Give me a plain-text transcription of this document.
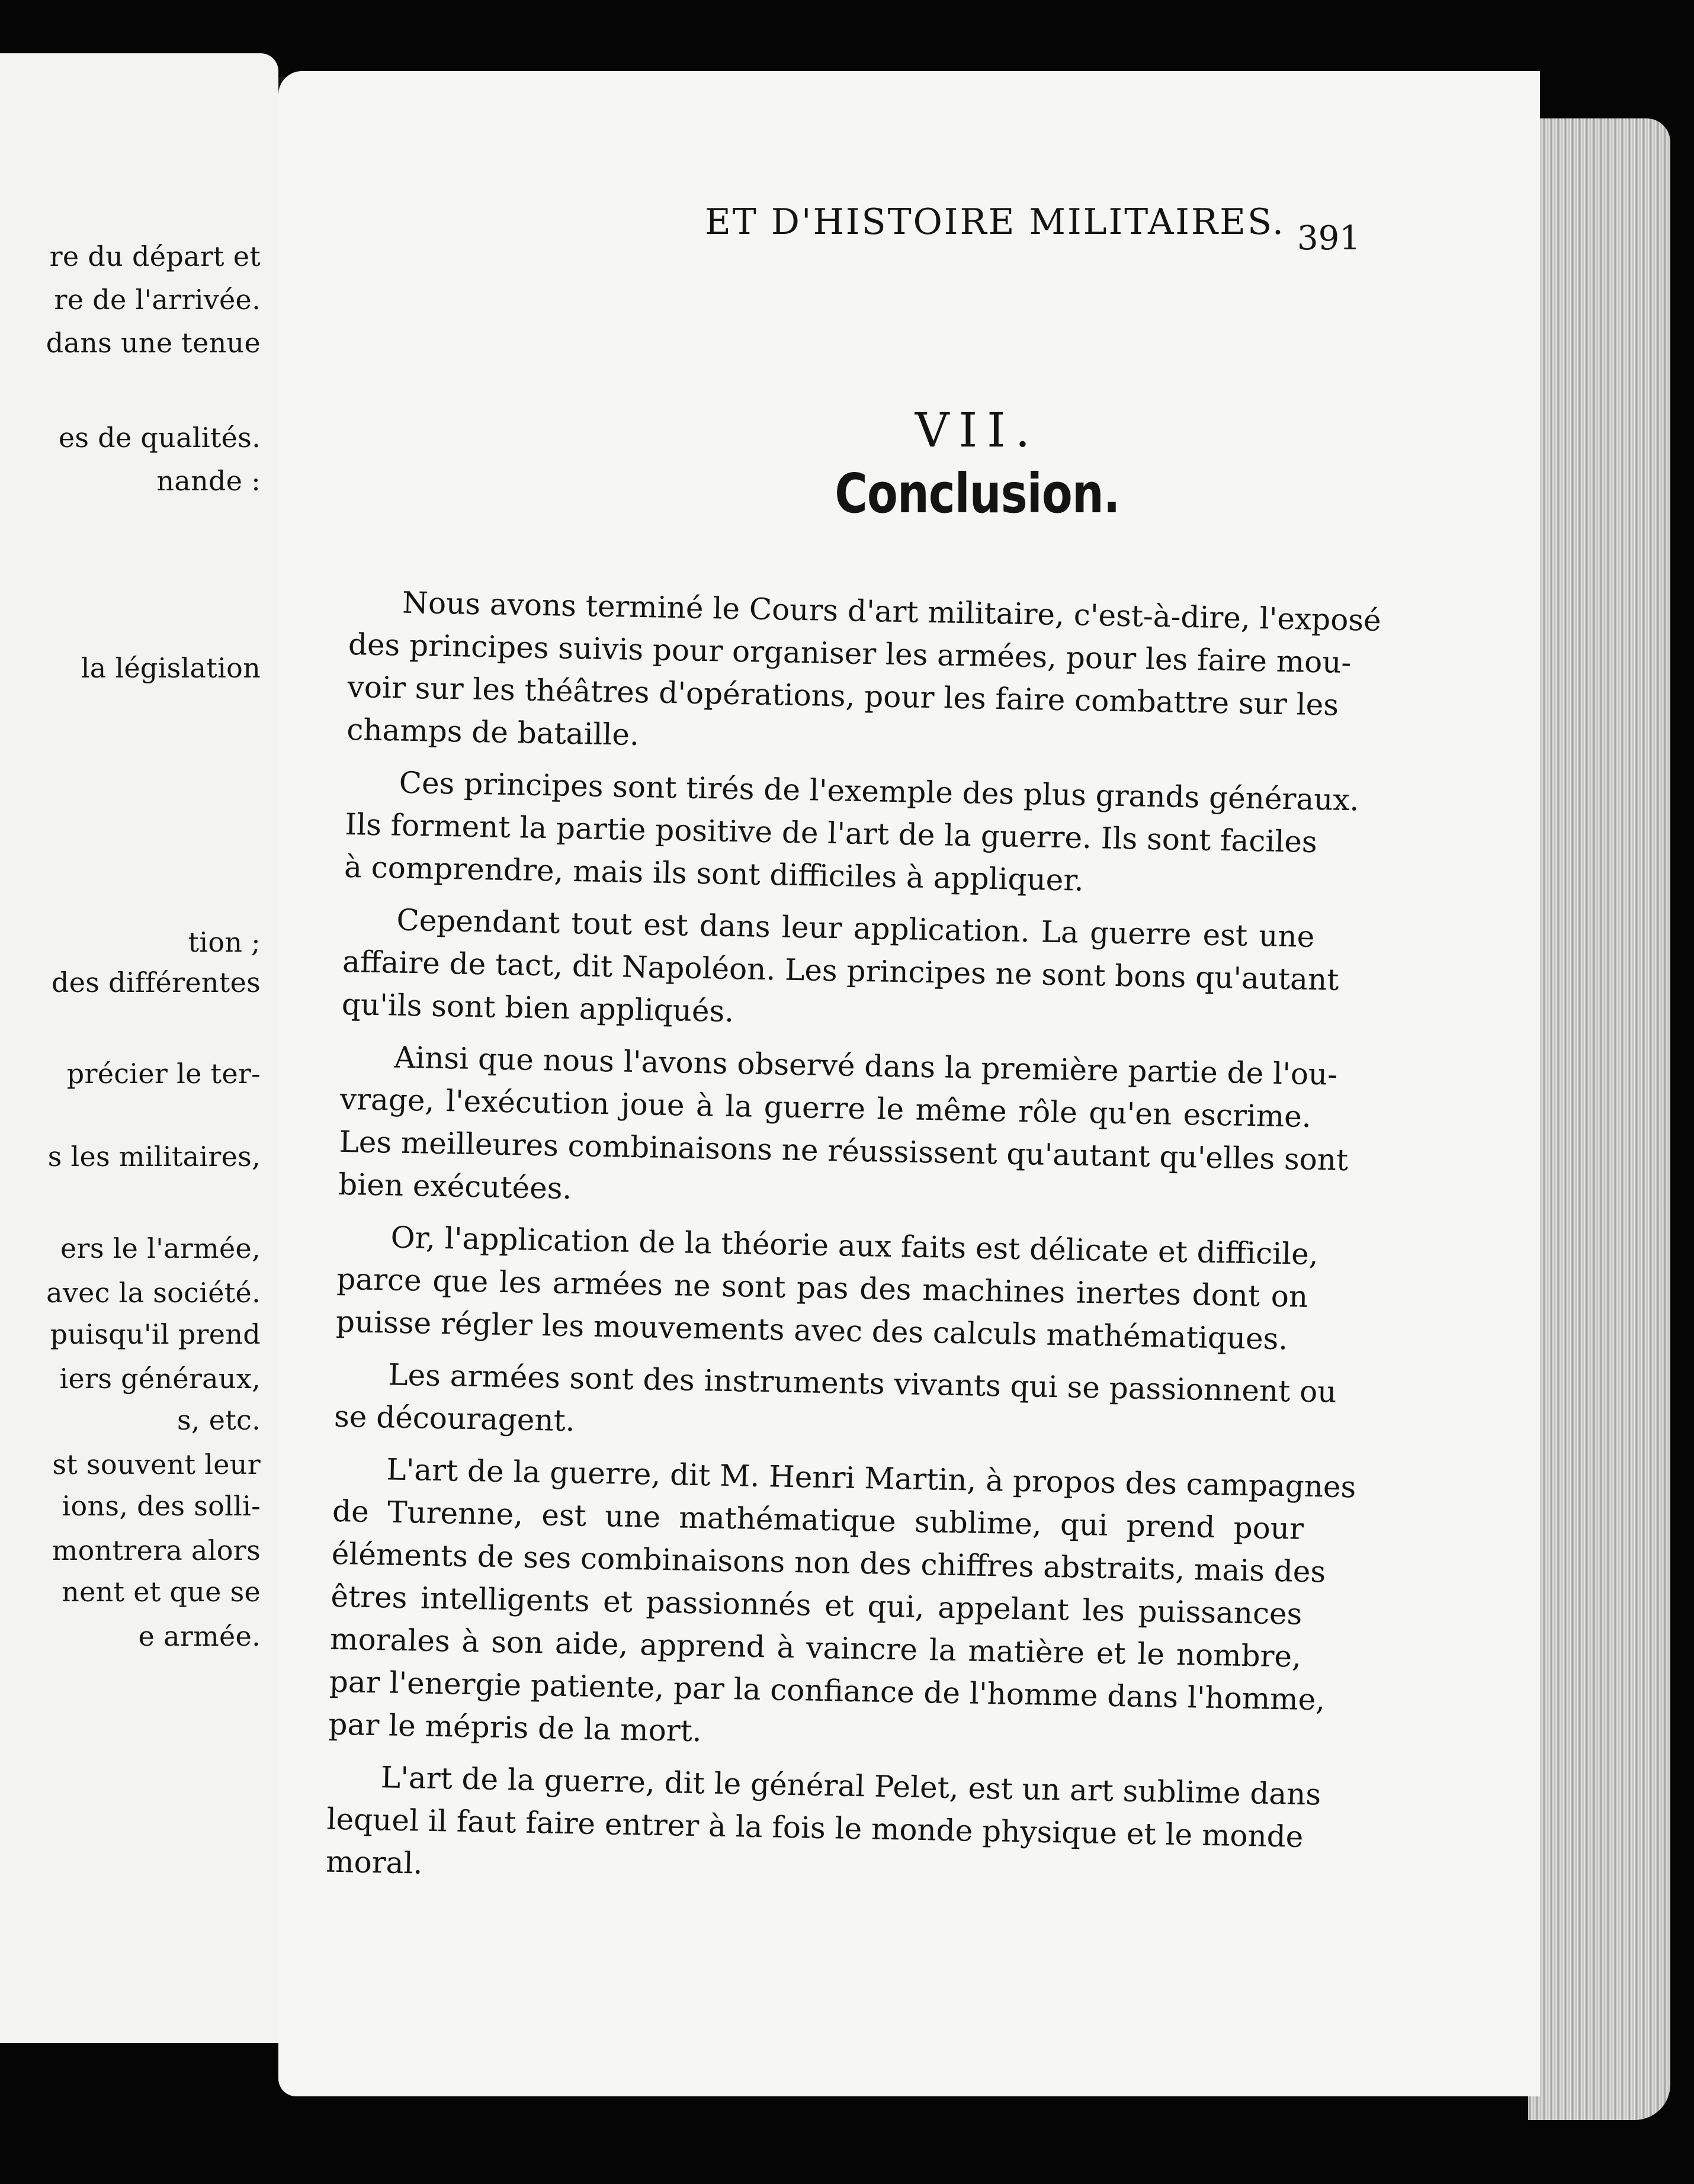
re du départ et
re de l'arrivée.
dans une tenue
es de qualités.
nande :
la législation
tion ;
des différentes
précier le ter-
s les militaires,
ers le l'armée,
avec la société.
puisqu'il prend
iers généraux,
s, etc.
st souvent leur
ions, des solli-
montrera alors
nent et que se
e armée.
ET D'HISTOIRE MILITAIRES. 391
VII.
Conclusion.
Nous avons terminé le Cours d'art militaire, c'est-à-dire, l'exposé
des principes suivis pour organiser les armées, pour les faire mou-
voir sur les théâtres d'opérations, pour les faire combattre sur les
champs de bataille.
Ces principes sont tirés de l'exemple des plus grands généraux.
Ils forment la partie positive de l'art de la guerre. Ils sont faciles
à comprendre, mais ils sont difficiles à appliquer.
Cependant tout est dans leur application. La guerre est une
affaire de tact, dit Napoléon. Les principes ne sont bons qu'autant
qu'ils sont bien appliqués.
Ainsi que nous l'avons observé dans la première partie de l'ou-
vrage, l'exécution joue à la guerre le même rôle qu'en escrime.
Les meilleures combinaisons ne réussissent qu'autant qu'elles sont
bien exécutées.
Or, l'application de la théorie aux faits est délicate et difficile,
parce que les armées ne sont pas des machines inertes dont on
puisse régler les mouvements avec des calculs mathématiques.
Les armées sont des instruments vivants qui se passionnent ou
se découragent.
L'art de la guerre, dit M. Henri Martin, à propos des campagnes
de Turenne, est une mathématique sublime, qui prend pour
éléments de ses combinaisons non des chiffres abstraits, mais des
êtres intelligents et passionnés et qui, appelant les puissances
morales à son aide, apprend à vaincre la matière et le nombre,
par l'energie patiente, par la confiance de l'homme dans l'homme,
par le mépris de la mort.
L'art de la guerre, dit le général Pelet, est un art sublime dans
lequel il faut faire entrer à la fois le monde physique et le monde
moral.
